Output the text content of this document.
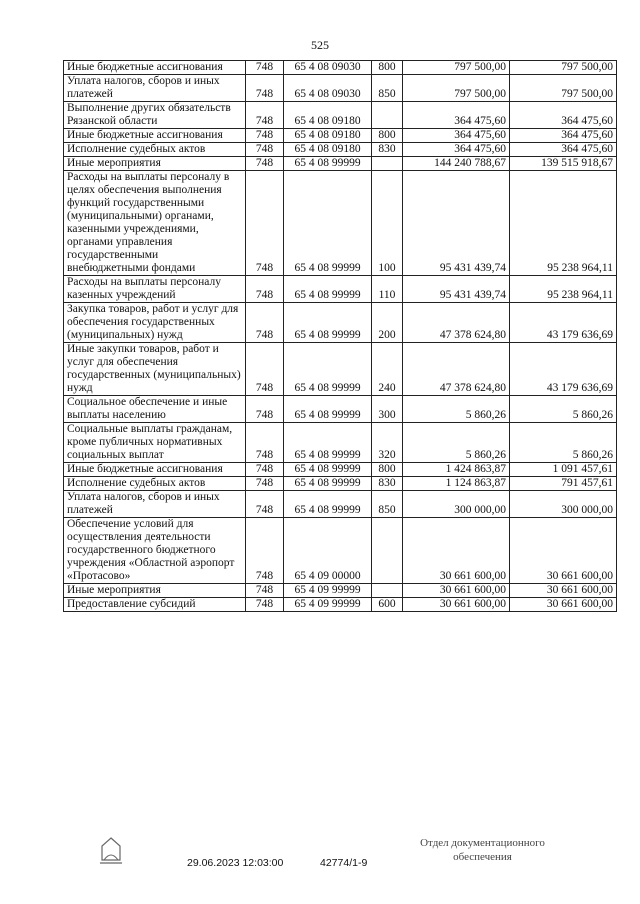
525
Иные бюджетные ассигнования	748	65 4 08 09030	800	797 500,00	797 500,00
Уплата налогов, сборов и иных платежей	748	65 4 08 09030	850	797 500,00	797 500,00
Выполнение других обязательств Рязанской области	748	65 4 08 09180		364 475,60	364 475,60
Иные бюджетные ассигнования	748	65 4 08 09180	800	364 475,60	364 475,60
Исполнение судебных актов	748	65 4 08 09180	830	364 475,60	364 475,60
Иные мероприятия	748	65 4 08 99999		144 240 788,67	139 515 918,67
Расходы на выплаты персоналу в целях обеспечения выполнения функций государственными (муниципальными) органами, казенными учреждениями, органами управления государственными внебюджетными фондами	748	65 4 08 99999	100	95 431 439,74	95 238 964,11
Расходы на выплаты персоналу казенных учреждений	748	65 4 08 99999	110	95 431 439,74	95 238 964,11
Закупка товаров, работ и услуг для обеспечения государственных (муниципальных) нужд	748	65 4 08 99999	200	47 378 624,80	43 179 636,69
Иные закупки товаров, работ и услуг для обеспечения государственных (муниципальных) нужд	748	65 4 08 99999	240	47 378 624,80	43 179 636,69
Социальное обеспечение и иные выплаты населению	748	65 4 08 99999	300	5 860,26	5 860,26
Социальные выплаты гражданам, кроме публичных нормативных социальных выплат	748	65 4 08 99999	320	5 860,26	5 860,26
Иные бюджетные ассигнования	748	65 4 08 99999	800	1 424 863,87	1 091 457,61
Исполнение судебных актов	748	65 4 08 99999	830	1 124 863,87	791 457,61
Уплата налогов, сборов и иных платежей	748	65 4 08 99999	850	300 000,00	300 000,00
Обеспечение условий для осуществления деятельности государственного бюджетного учреждения «Областной аэропорт «Протасово»	748	65 4 09 00000		30 661 600,00	30 661 600,00
Иные мероприятия	748	65 4 09 99999		30 661 600,00	30 661 600,00
Предоставление субсидий	748	65 4 09 99999	600	30 661 600,00	30 661 600,00
29.06.2023 12:03:00	42774/1-9
Отдел документационного
обеспечения
